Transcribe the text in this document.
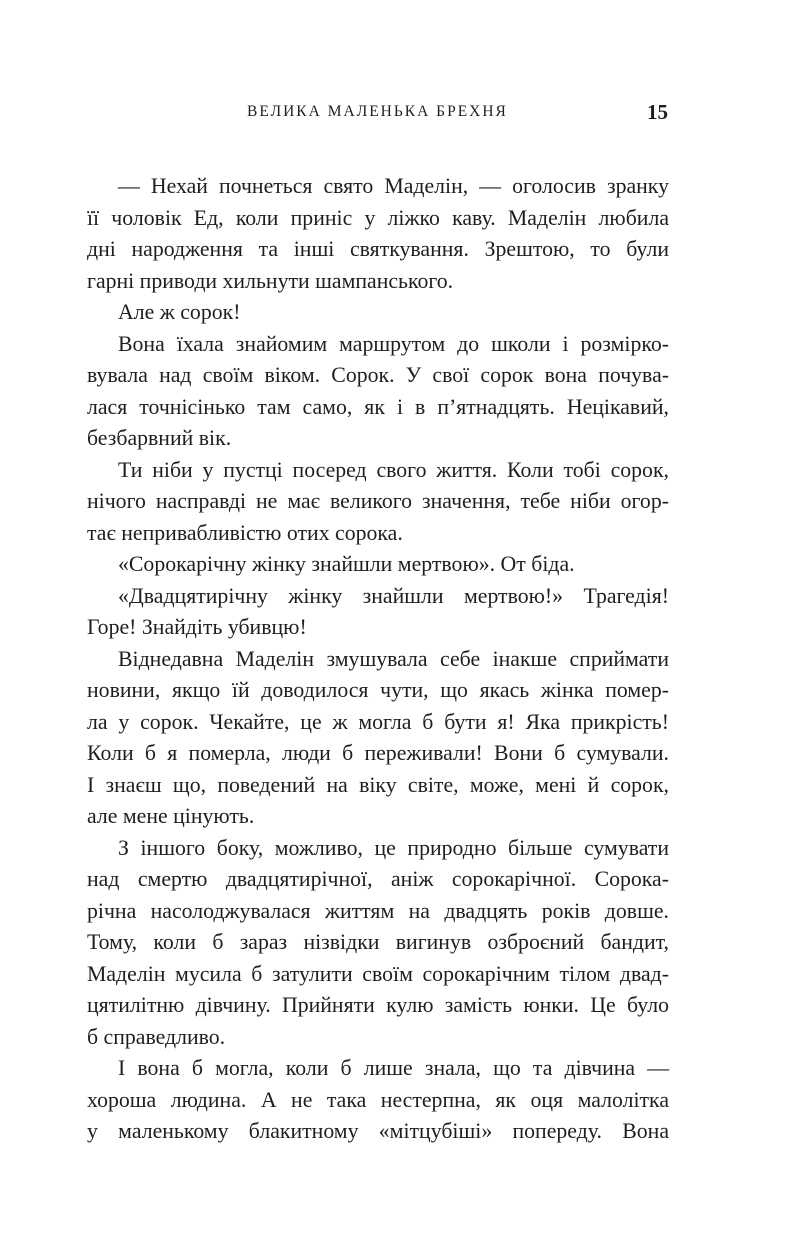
ВЕЛИКА МАЛЕНЬКА БРЕХНЯ	15
— Нехай почнеться свято Маделін, — оголосив зранку
її чоловік Ед, коли приніс у ліжко каву. Маделін любила
дні народження та інші святкування. Зрештою, то були
гарні приводи хильнути шампанського.
Але ж сорок!
Вона їхала знайомим маршрутом до школи і розмірко-
вувала над своїм віком. Сорок. У свої сорок вона почува-
лася точнісінько там само, як і в п’ятнадцять. Нецікавий,
безбарвний вік.
Ти ніби у пустці посеред свого життя. Коли тобі сорок,
нічого насправді не має великого значення, тебе ніби огор-
тає непривабливістю отих сорока.
«Сорокарічну жінку знайшли мертвою». От біда.
«Двадцятирічну жінку знайшли мертвою!» Трагедія!
Горе! Знайдіть убивцю!
Віднедавна Маделін змушувала себе інакше сприймати
новини, якщо їй доводилося чути, що якась жінка помер-
ла у сорок. Чекайте, це ж могла б бути я! Яка прикрість!
Коли б я померла, люди б переживали! Вони б сумували.
І знаєш що, поведений на віку світе, може, мені й сорок,
але мене цінують.
З іншого боку, можливо, це природно більше сумувати
над смертю двадцятирічної, аніж сорокарічної. Сорока-
річна насолоджувалася життям на двадцять років довше.
Тому, коли б зараз нізвідки вигинув озброєний бандит,
Маделін мусила б затулити своїм сорокарічним тілом двад-
цятилітню дівчину. Прийняти кулю замість юнки. Це було
б справедливо.
І вона б могла, коли б лише знала, що та дівчина —
хороша людина. А не така нестерпна, як оця малолітка
у маленькому блакитному «мітцубіші» попереду. Вона
